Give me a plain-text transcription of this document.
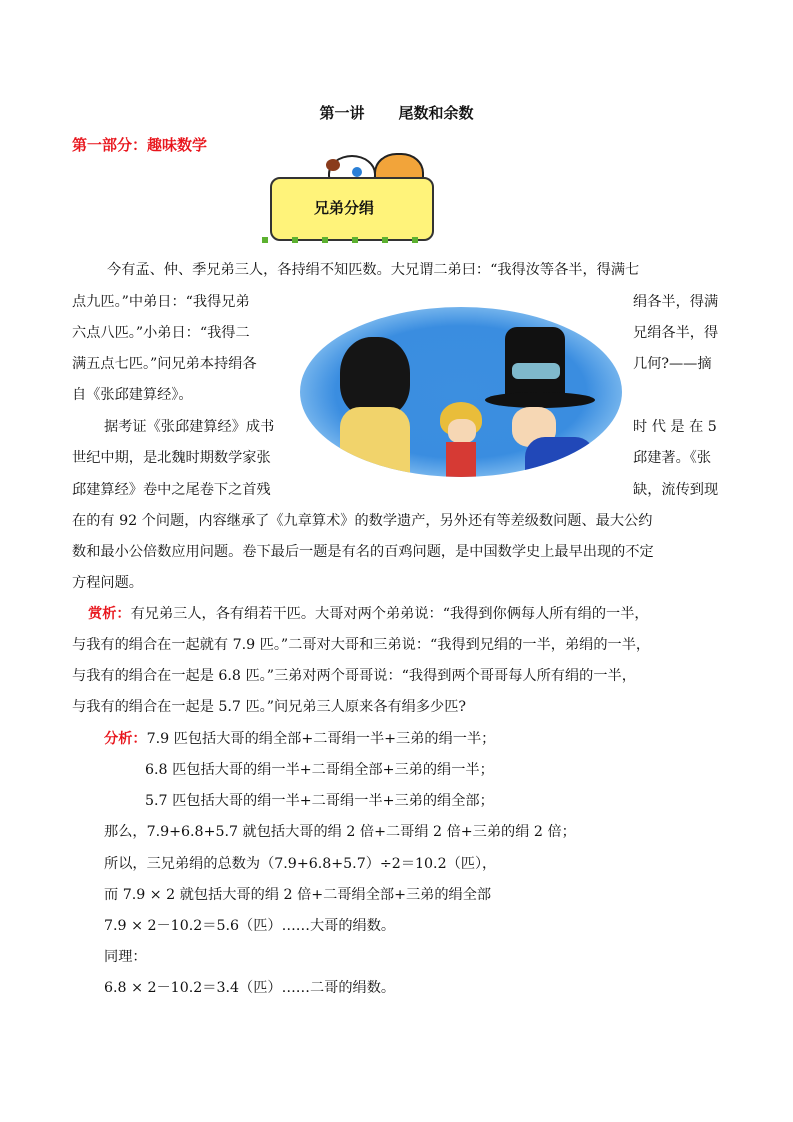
第一讲 尾数和余数
第一部分：趣味数学
兄弟分绢
今有孟、仲、季兄弟三人，各持绢不知匹数。大兄谓二弟曰：“我得汝等各半，得满七
点九匹。”中弟日：“我得兄弟	绢各半，得满
六点八匹。”小弟日：“我得二	兄绢各半，得
满五点七匹。”问兄弟本持绢各	几何?——摘
自《张邱建算经》。
据考证《张邱建算经》成书	时 代 是 在 5
世纪中期，是北魏时期数学家张	邱建著。《张
邱建算经》卷中之尾卷下之首残	缺，流传到现
在的有 92 个问题，内容继承了《九章算术》的数学遗产，另外还有等差级数问题、最大公约
数和最小公倍数应用问题。卷下最后一题是有名的百鸡问题，是中国数学史上最早出现的不定
方程问题。
赏析：有兄弟三人，各有绢若干匹。大哥对两个弟弟说：“我得到你俩每人所有绢的一半，
与我有的绢合在一起就有 7.9 匹。”二哥对大哥和三弟说：“我得到兄绢的一半，弟绢的一半，
与我有的绢合在一起是 6.8 匹。”三弟对两个哥哥说：“我得到两个哥哥每人所有绢的一半，
与我有的绢合在一起是 5.7 匹。”问兄弟三人原来各有绢多少匹?
分析：7.9 匹包括大哥的绢全部+二哥绢一半+三弟的绢一半；
6.8 匹包括大哥的绢一半+二哥绢全部+三弟的绢一半；
5.7 匹包括大哥的绢一半+二哥绢一半+三弟的绢全部；
那么，7.9+6.8+5.7 就包括大哥的绢 2 倍+二哥绢 2 倍+三弟的绢 2 倍；
所以，三兄弟绢的总数为（7.9+6.8+5.7）÷2＝10.2（匹），
而 7.9 × 2 就包括大哥的绢 2 倍+二哥绢全部+三弟的绢全部
7.9 × 2－10.2＝5.6（匹）……大哥的绢数。
同理：
6.8 × 2－10.2＝3.4（匹）……二哥的绢数。
